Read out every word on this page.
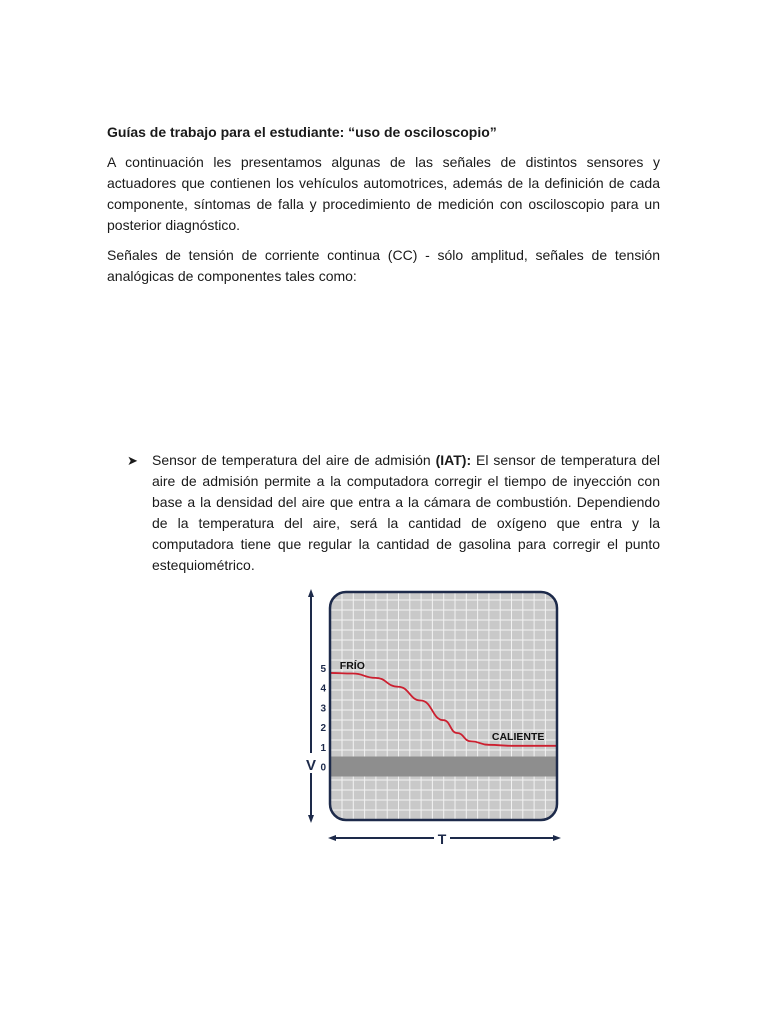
Guías de trabajo para el estudiante: “uso de osciloscopio”
A continuación les presentamos algunas de las señales de distintos sensores y actuadores que contienen los vehículos automotrices, además de la definición de cada componente, síntomas de falla y procedimiento de medición con osciloscopio para un posterior diagnóstico.
Señales de tensión de corriente continua (CC) - sólo amplitud, señales de tensión analógicas de componentes tales como:
➤ Sensor de temperatura del aire de admisión (IAT): El sensor de temperatura del aire de admisión permite a la computadora corregir el tiempo de inyección con base a la densidad del aire que entra a la cámara de combustión. Dependiendo de la temperatura del aire, será la cantidad de oxígeno que entra y la computadora tiene que regular la cantidad de gasolina para corregir el punto estequiométrico.
V
5
4
3
2
1
0
T
FRÍO
CALIENTE
